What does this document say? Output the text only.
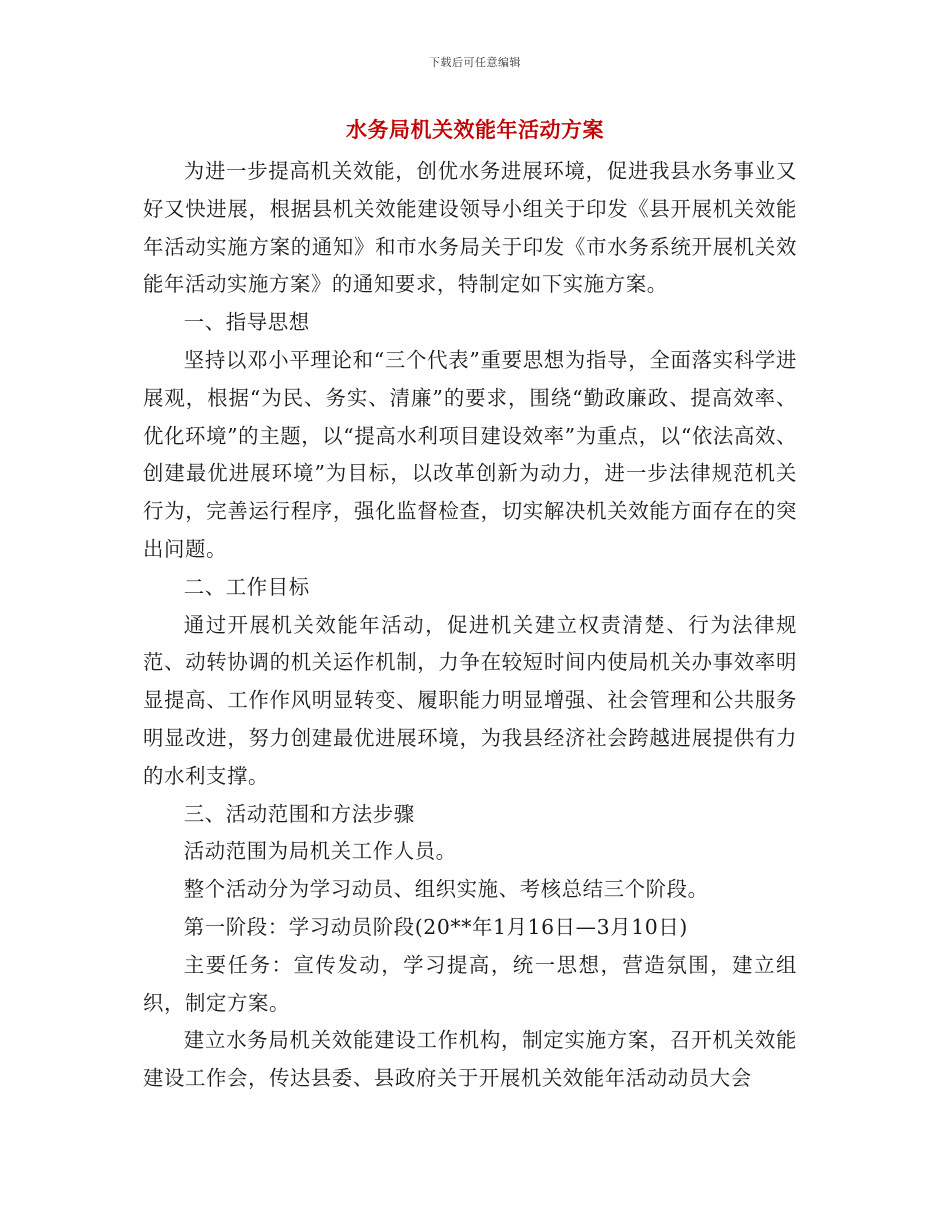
下载后可任意编辑
水务局机关效能年活动方案

为进一步提高机关效能，创优水务进展环境，促进我县水务事业又好又快进展，根据县机关效能建设领导小组关于印发《县开展机关效能年活动实施方案的通知》和市水务局关于印发《市水务系统开展机关效能年活动实施方案》的通知要求，特制定如下实施方案。

一、指导思想

坚持以邓小平理论和“三个代表”重要思想为指导，全面落实科学进展观，根据“为民、务实、清廉”的要求，围绕“勤政廉政、提高效率、优化环境”的主题，以“提高水利项目建设效率”为重点，以“依法高效、创建最优进展环境”为目标，以改革创新为动力，进一步法律规范机关行为，完善运行程序，强化监督检查，切实解决机关效能方面存在的突出问题。

二、工作目标

通过开展机关效能年活动，促进机关建立权责清楚、行为法律规范、动转协调的机关运作机制，力争在较短时间内使局机关办事效率明显提高、工作作风明显转变、履职能力明显增强、社会管理和公共服务明显改进，努力创建最优进展环境，为我县经济社会跨越进展提供有力的水利支撑。

三、活动范围和方法步骤

活动范围为局机关工作人员。

整个活动分为学习动员、组织实施、考核总结三个阶段。

第一阶段：学习动员阶段(20**年1月16日—3月10日)

主要任务：宣传发动，学习提高，统一思想，营造氛围，建立组织，制定方案。

建立水务局机关效能建设工作机构，制定实施方案，召开机关效能建设工作会，传达县委、县政府关于开展机关效能年活动动员大会
